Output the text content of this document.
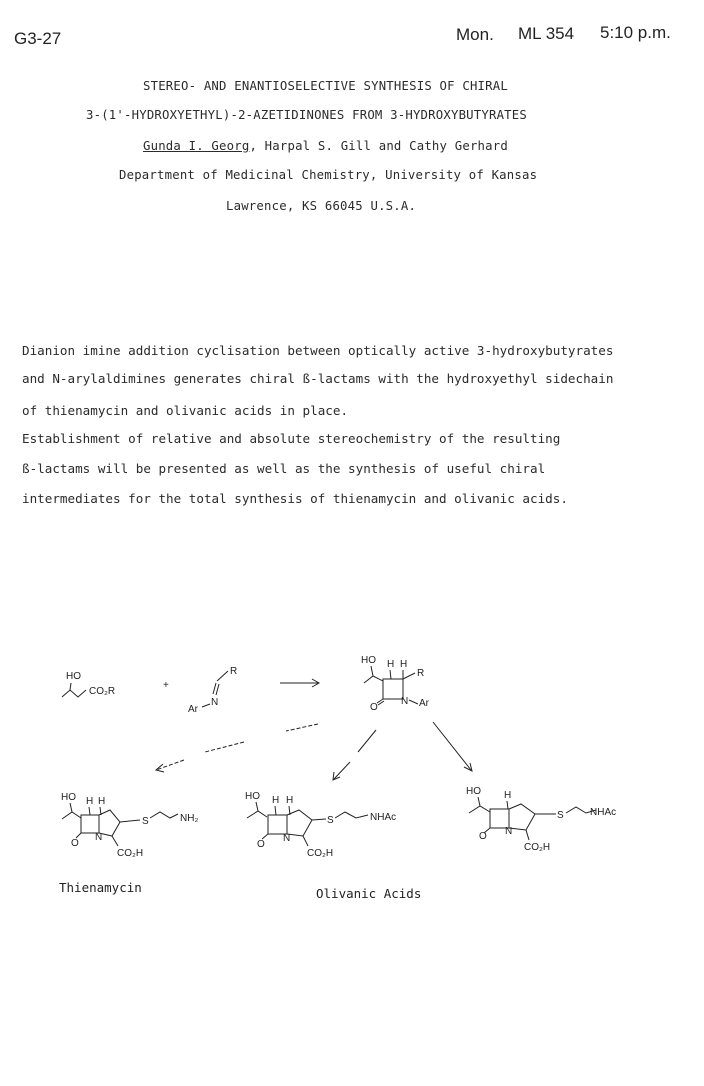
G3-27	Mon. ML 354 5:10 p.m.
STEREO- AND ENANTIOSELECTIVE SYNTHESIS OF CHIRAL
3-(1'-HYDROXYETHYL)-2-AZETIDINONES FROM 3-HYDROXYBUTYRATES
Gunda I. Georg, Harpal S. Gill and Cathy Gerhard
Department of Medicinal Chemistry, University of Kansas
Lawrence, KS 66045 U.S.A.
Dianion imine addition cyclisation between optically active 3-hydroxybutyrates
and N-arylaldimines generates chiral ß-lactams with the hydroxyethyl sidechain
of thienamycin and olivanic acids in place.
Establishment of relative and absolute stereochemistry of the resulting
ß-lactams will be presented as well as the synthesis of useful chiral
intermediates for the total synthesis of thienamycin and olivanic acids.
HO
CO₂R
+
R
N
Ar
HO H H
R
O
N Ar
HO H H
O
N
CO₂H
S	NH₂
HO H H
O
N
CO₂H
S	NHAc
HO H
O N
CO₂H
S	NHAc
Thienamycin	Olivanic Acids
